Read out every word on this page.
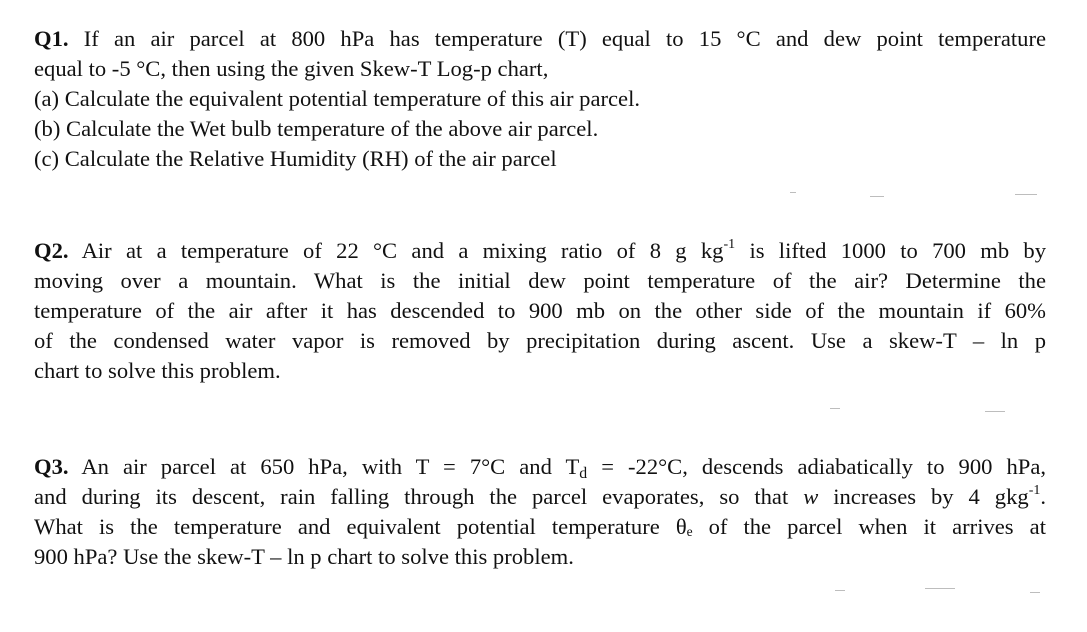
Q1. If an air parcel at 800 hPa has temperature (T) equal to 15 °C and dew point temperature
equal to -5 °C, then using the given Skew-T Log-p chart,
(a) Calculate the equivalent potential temperature of this air parcel.
(b) Calculate the Wet bulb temperature of the above air parcel.
(c) Calculate the Relative Humidity (RH) of the air parcel
Q2. Air at a temperature of 22 °C and a mixing ratio of 8 g $kg^{-1}$ is lifted 1000 to 700 mb by
moving over a mountain. What is the initial dew point temperature of the air? Determine the
temperature of the air after it has descended to 900 mb on the other side of the mountain if 60%
of the condensed water vapor is removed by precipitation during ascent. Use a skew-T – ln p
chart to solve this problem.
Q3. An air parcel at 650 hPa, with T = 7°C and $T_d = -22^\circ C$, descends adiabatically to 900 hPa,
and during its descent, rain falling through the parcel evaporates, so that w increases by 4 gkg$^{-1}$.
What is the temperature and equivalent potential temperature θₑ of the parcel when it arrives at
900 hPa? Use the skew-T – ln p chart to solve this problem.
